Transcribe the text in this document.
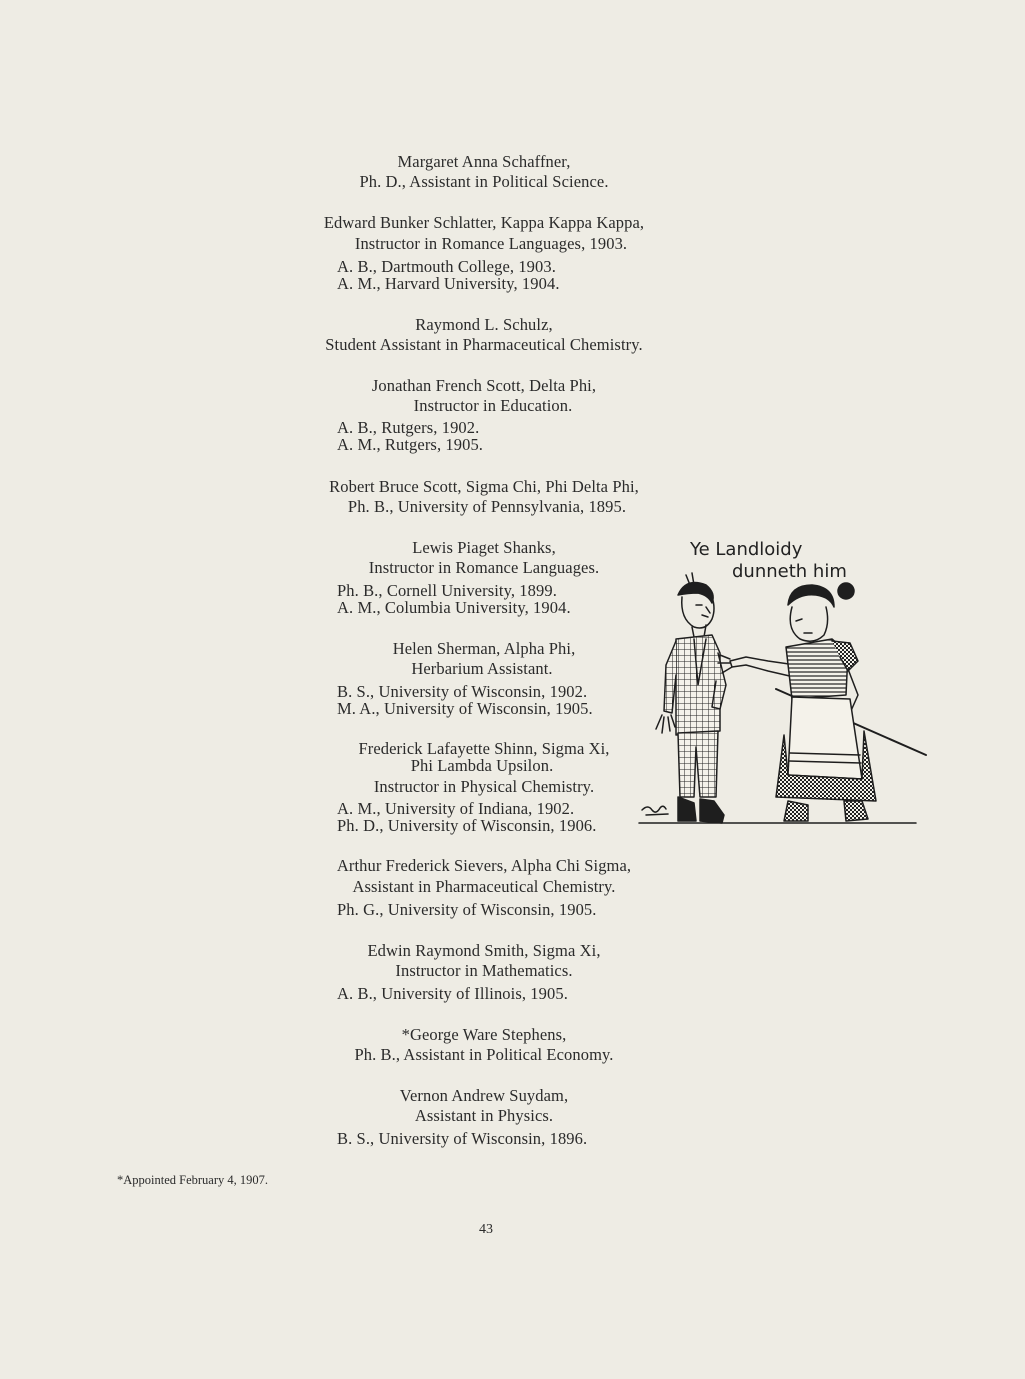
Margaret Anna Schaffner,
Ph. D., Assistant in Political Science.
Edward Bunker Schlatter, Kappa Kappa Kappa,
Instructor in Romance Languages, 1903.
A. B., Dartmouth College, 1903.
A. M., Harvard University, 1904.
Raymond L. Schulz,
Student Assistant in Pharmaceutical Chemistry.
Jonathan French Scott, Delta Phi,
Instructor in Education.
A. B., Rutgers, 1902.
A. M., Rutgers, 1905.
Robert Bruce Scott, Sigma Chi, Phi Delta Phi,
Ph. B., University of Pennsylvania, 1895.
Lewis Piaget Shanks,
Instructor in Romance Languages.
Ph. B., Cornell University, 1899.
A. M., Columbia University, 1904.
Helen Sherman, Alpha Phi,
Herbarium Assistant.
B. S., University of Wisconsin, 1902.
M. A., University of Wisconsin, 1905.
Frederick Lafayette Shinn, Sigma Xi,
Phi Lambda Upsilon.
Instructor in Physical Chemistry.
A. M., University of Indiana, 1902.
Ph. D., University of Wisconsin, 1906.
Arthur Frederick Sievers, Alpha Chi Sigma,
Assistant in Pharmaceutical Chemistry.
Ph. G., University of Wisconsin, 1905.
Edwin Raymond Smith, Sigma Xi,
Instructor in Mathematics.
A. B., University of Illinois, 1905.
*George Ware Stephens,
Ph. B., Assistant in Political Economy.
Vernon Andrew Suydam,
Assistant in Physics.
B. S., University of Wisconsin, 1896.
*Appointed February 4, 1907.
43
Ye Landloidy
dunneth him
